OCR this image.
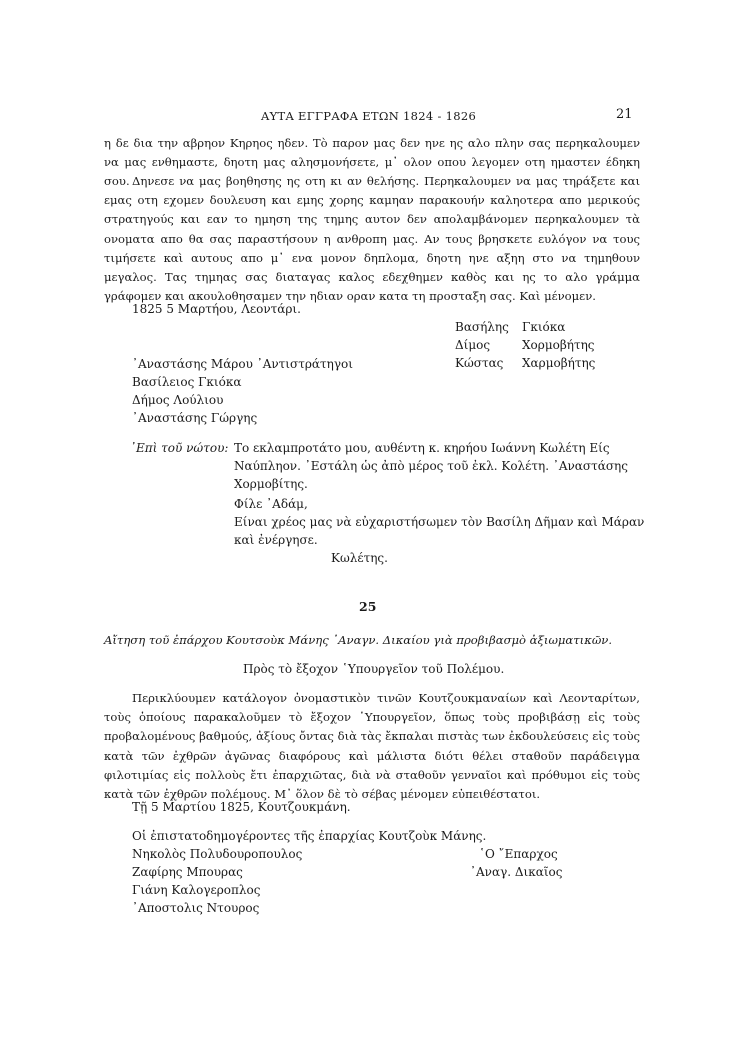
ΑΥΤΑ ΕΓΓΡΑΦΑ ΕΤΩΝ 1824 - 1826	21
η δε δια την αβρηον Κηρηος ηδεν. Τὸ παρον μας δεν ηνε ης αλο πλην σας περηκαλουμεν να μας ενθημαστε, δηοτη μας αλησμονήσετε, μ᾿ ολον οπου λεγομεν οτη ημαστεν έδηκη σου. Δηνεσε να μας βοηθησης ης οτη κι αν θελήσης. Περηκαλουμεν να μας τηράξετε και εμας οτη εχομεν δουλευση και εμης χορης καμηαν παρακουήν καληοτερα απο μερικούς στρατηγούς και εαν το ημηση της τημης αυτον δεν απολαμβάνομεν περηκαλουμεν τὰ ονοματα απο θα σας παραστήσουν η ανθροπη μας. Αν τους βρησκετε ευλόγον να τους τιμήσετε καὶ αυτους απο μ᾿ ενα μονον δηπλομα, δηοτη ηνε αξηη στο να τημηθουν μεγαλος. Τας τημηας σας διαταγας καλος εδεχθημεν καθὸς και ης το αλο γράμμα γράφομεν και ακουλοθησαμεν την ηδιαν οραν κατα τη προσταξη σας. Καὶ μένομεν.
1825 5 Μαρτήου, Λεοντάρι.
Βασήλης Γκιόκα
Δίμος	Χορμοβήτης
Κώστας Χαρμοβήτης
᾿Αναστάσης Μάρου ᾿Αντιστράτηγοι
Βασίλειος Γκιόκα
Δήμος Λούλιου
᾿Αναστάσης Γώργης
᾿Επὶ τοῦ νώτου: Το εκλαμπροτάτο μου, αυθέντη κ. κηρήου Ιωάννη Κωλέτη Είς
Ναύπληον. ᾿Εστάλη ὡς ἀπὸ μέρος τοῦ ἐκλ. Κολέτη. ᾿Αναστάσης
Χορμοβίτης.
Φίλε ᾿Αδάμ,
Είναι χρέος μας νὰ εὐχαριστήσωμεν τὸν Βασίλη Δῆμαν καὶ Μάραν
καὶ ἐνέργησε.
Κωλέτης.
25
Αἴτηση τοῦ ἐπάρχου Κουτσοὺκ Μάνης ᾿Αναγν. Δικαίου γιὰ προβιβασμὸ ἀξιωματικῶν.
Πρὸς τὸ ἔξοχον ῾Υπουργεῖον τοῦ Πολέμου.
Περικλύουμεν κατάλογον ὀνομαστικὸν τινῶν Κουτζουκμαναίων καὶ Λεονταρίτων, τοὺς ὁποίους παρακαλοῦμεν τὸ ἔξοχον ῾Υπουργεῖον, ὅπως τοὺς προβιβάσῃ εἰς τοὺς προβαλομένους βαθμούς, ἀξίους ὄντας διὰ τὰς ἔκπαλαι πιστὰς των ἐκδουλεύσεις εἰς τοὺς κατὰ τῶν ἐχθρῶν ἀγῶνας διαφόρους καὶ μάλιστα διότι θέλει σταθοῦν παράδειγμα φιλοτιμίας εἰς πολλοὺς ἔτι ἐπαρχιῶτας, διὰ νὰ σταθοῦν γενναῖοι καὶ πρόθυμοι εἰς τοὺς κατὰ τῶν ἐχθρῶν πολέμους. Μ᾿ ὅλον δὲ τὸ σέβας μένομεν εὐπειθέστατοι.
Τῇ 5 Μαρτίου 1825, Κουτζουκμάνη.
Οἱ ἐπιστατοδημογέροντες τῆς ἐπαρχίας Κουτζοὺκ Μάνης.
Νηκολὸς Πολυδουροπουλος
Ζαφίρης Μπουρας
Γιάνη Καλογεροπλος
᾿Αποστολις Ντουρος
῾Ο ῎Επαρχος
᾿Αναγ. Δικαῖος
